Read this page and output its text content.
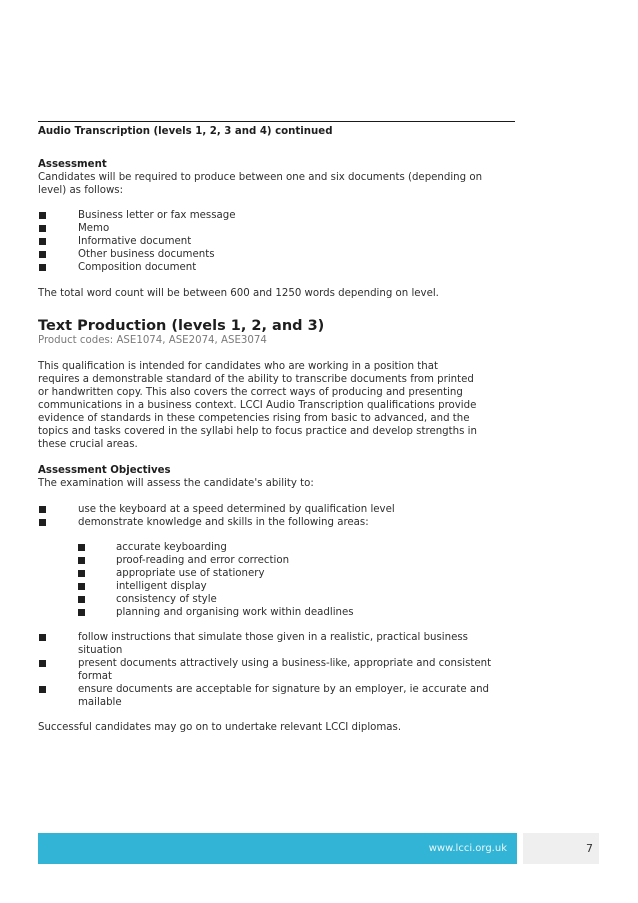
Audio Transcription (levels 1, 2, 3 and 4) continued
Assessment
Candidates will be required to produce between one and six documents (depending on
level) as follows:
Business letter or fax message
Memo
Informative document
Other business documents
Composition document
The total word count will be between 600 and 1250 words depending on level.
Text Production (levels 1, 2, and 3)
Product codes: ASE1074, ASE2074, ASE3074
This qualification is intended for candidates who are working in a position that
requires a demonstrable standard of the ability to transcribe documents from printed
or handwritten copy. This also covers the correct ways of producing and presenting
communications in a business context. LCCI Audio Transcription qualifications provide
evidence of standards in these competencies rising from basic to advanced, and the
topics and tasks covered in the syllabi help to focus practice and develop strengths in
these crucial areas.
Assessment Objectives
The examination will assess the candidate's ability to:
use the keyboard at a speed determined by qualification level
demonstrate knowledge and skills in the following areas:
accurate keyboarding
proof-reading and error correction
appropriate use of stationery
intelligent display
consistency of style
planning and organising work within deadlines
follow instructions that simulate those given in a realistic, practical business
situation
present documents attractively using a business-like, appropriate and consistent
format
ensure documents are acceptable for signature by an employer, ie accurate and
mailable
Successful candidates may go on to undertake relevant LCCI diplomas.
www.lcci.org.uk	7
